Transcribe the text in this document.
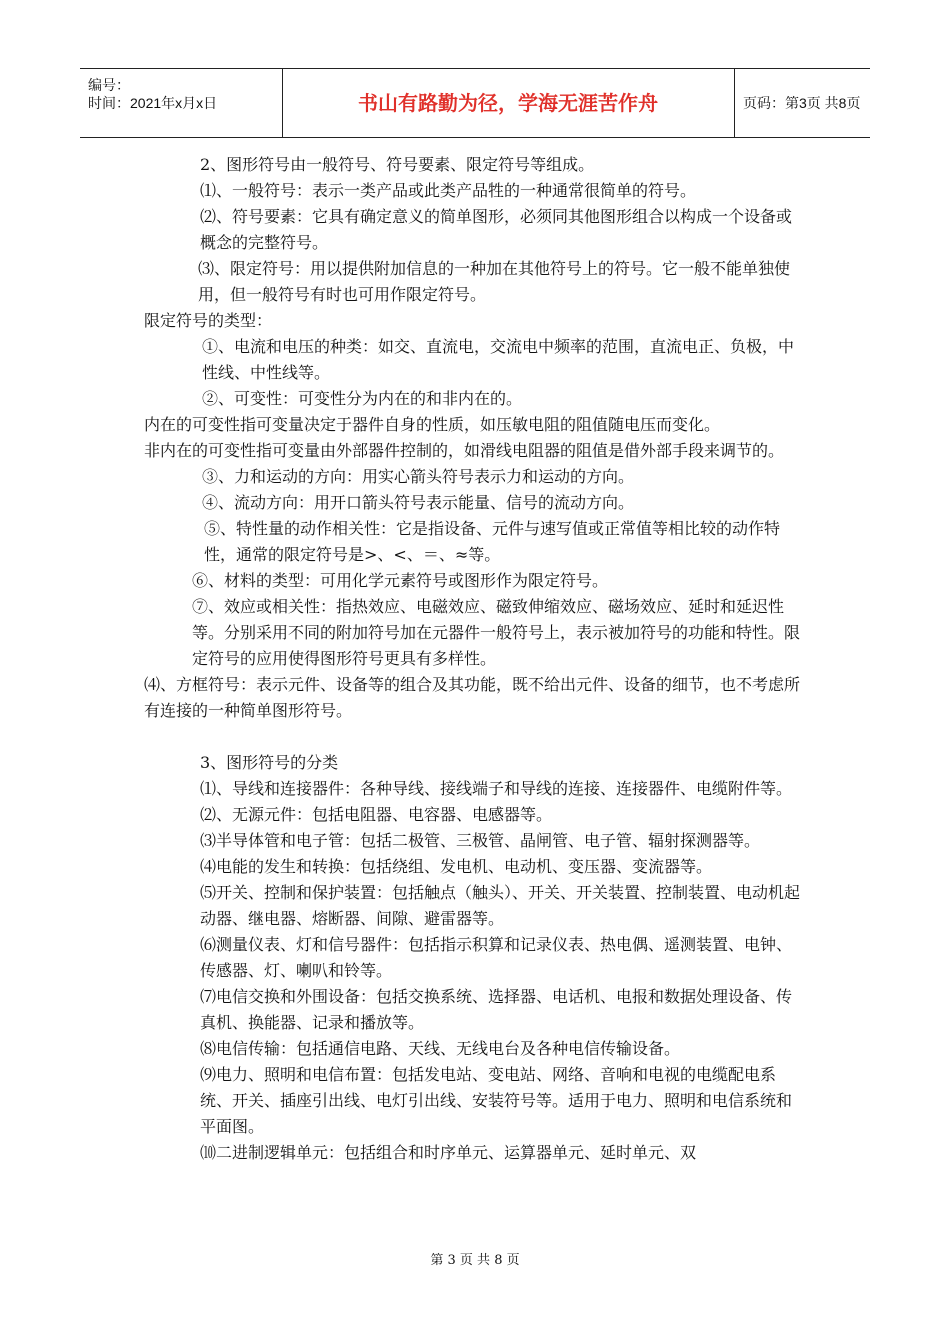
编号：
时间：2021年x月x日	书山有路勤为径，学海无涯苦作舟	页码：第3页 共8页

2、图形符号由一般符号、符号要素、限定符号等组成。

⑴、一般符号：表示一类产品或此类产品牲的一种通常很简单的符号。

⑵、符号要素：它具有确定意义的简单图形，必须同其他图形组合以构成一个设备或概念的完整符号。

⑶、限定符号：用以提供附加信息的一种加在其他符号上的符号。它一般不能单独使用，但一般符号有时也可用作限定符号。

限定符号的类型：

①、电流和电压的种类：如交、直流电，交流电中频率的范围，直流电正、负极，中性线、中性线等。

②、可变性：可变性分为内在的和非内在的。

内在的可变性指可变量决定于器件自身的性质，如压敏电阻的阻值随电压而变化。

非内在的可变性指可变量由外部器件控制的，如滑线电阻器的阻值是借外部手段来调节的。

③、力和运动的方向：用实心箭头符号表示力和运动的方向。

④、流动方向：用开口箭头符号表示能量、信号的流动方向。

⑤、特性量的动作相关性：它是指设备、元件与速写值或正常值等相比较的动作特性，通常的限定符号是>、<、＝、≈等。

⑥、材料的类型：可用化学元素符号或图形作为限定符号。

⑦、效应或相关性：指热效应、电磁效应、磁致伸缩效应、磁场效应、延时和延迟性等。分别采用不同的附加符号加在元器件一般符号上，表示被加符号的功能和特性。限定符号的应用使得图形符号更具有多样性。

⑷、方框符号：表示元件、设备等的组合及其功能，既不给出元件、设备的细节，也不考虑所有连接的一种简单图形符号。

3、图形符号的分类

⑴、导线和连接器件：各种导线、接线端子和导线的连接、连接器件、电缆附件等。

⑵、无源元件：包括电阻器、电容器、电感器等。

⑶半导体管和电子管：包括二极管、三极管、晶闸管、电子管、辐射探测器等。

⑷电能的发生和转换：包括绕组、发电机、电动机、变压器、变流器等。

⑸开关、控制和保护装置：包括触点（触头）、开关、开关装置、控制装置、电动机起动器、继电器、熔断器、间隙、避雷器等。

⑹测量仪表、灯和信号器件：包括指示积算和记录仪表、热电偶、遥测装置、电钟、传感器、灯、喇叭和铃等。

⑺电信交换和外围设备：包括交换系统、选择器、电话机、电报和数据处理设备、传真机、换能器、记录和播放等。

⑻电信传输：包括通信电路、天线、无线电台及各种电信传输设备。

⑼电力、照明和电信布置：包括发电站、变电站、网络、音响和电视的电缆配电系统、开关、插座引出线、电灯引出线、安装符号等。适用于电力、照明和电信系统和平面图。

⑽二进制逻辑单元：包括组合和时序单元、运算器单元、延时单元、双

第 3 页 共 8 页
